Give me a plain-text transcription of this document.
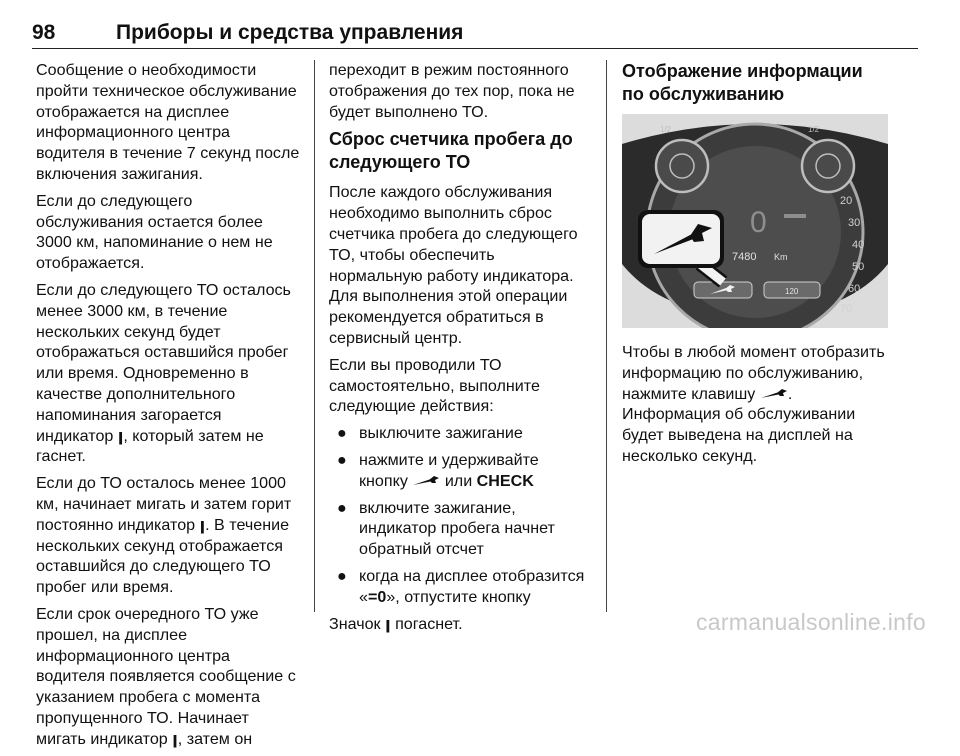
98	Приборы и средства управления

Сообщение о необходимости пройти техническое обслуживание отображается на дисплее информационного центра водителя в течение 7 секунд после включения зажигания.

Если до следующего обслуживания остается более 3000 км, напоминание о нем не отображается.

Если до следующего ТО осталось менее 3000 км, в течение нескольких секунд будет отображаться оставшийся пробег или время. Одновременно в качестве дополнительного напоминания загорается индикатор ꞁ, который затем не гаснет.

Если до ТО осталось менее 1000 км, начинает мигать и затем горит постоянно индикатор ꞁ. В течение нескольких секунд отображается оставшийся до следующего ТО пробег или время.

Если срок очередного ТО уже прошел, на дисплее информационного центра водителя появляется сообщение с указанием пробега с момента пропущенного ТО. Начинает мигать индикатор ꞁ, затем он

переходит в режим постоянного отображения до тех пор, пока не будет выполнено ТО.

Сброс счетчика пробега до следующего ТО

После каждого обслуживания необходимо выполнить сброс счетчика пробега до следующего ТО, чтобы обеспечить нормальную работу индикатора. Для выполнения этой операции рекомендуется обратиться в сервисный центр.

Если вы проводили ТО самостоятельно, выполните следующие действия:

● выключите зажигание
● нажмите и удерживайте кнопку  или CHECK
● включите зажигание, индикатор пробега начнет обратный отсчет
● когда на дисплее отобразится «=0», отпустите кнопку

Значок ꞁ погаснет.

Отображение информации по обслуживанию
1/2	1/2
20
30
40
50
60
70
0
7480 Km
120

Чтобы в любой момент отобразить информацию по обслуживанию, нажмите клавишу . Информация об обслуживании будет выведена на дисплей на несколько секунд.

carmanualsonline.info
